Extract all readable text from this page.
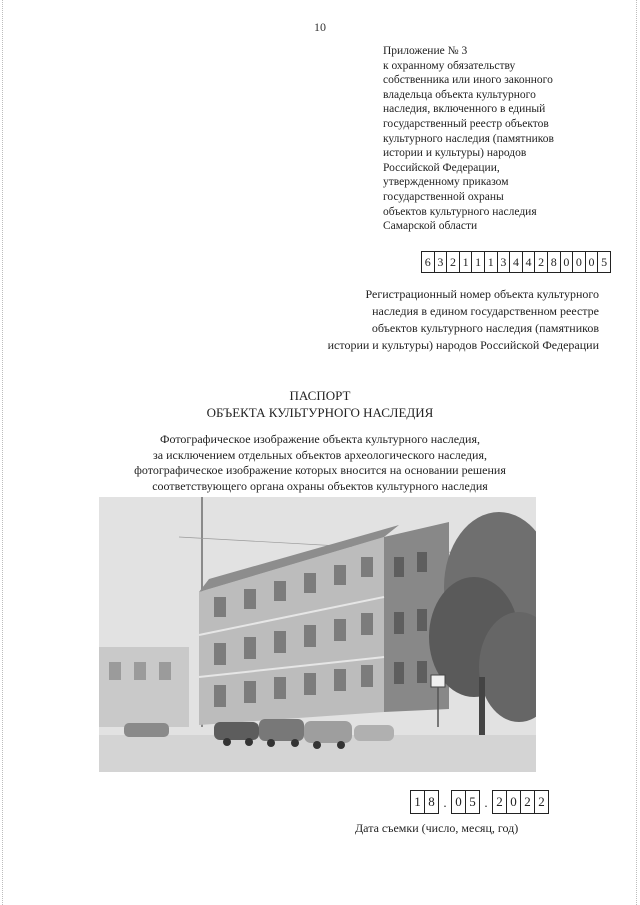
10
Приложение № 3
к охранному обязательству
собственника или иного законного
владельца объекта культурного
наследия, включенного в единый
государственный реестр объектов
культурного наследия (памятников
истории и культуры) народов
Российской Федерации,
утвержденному приказом
государственной охраны
объектов культурного наследия
Самарской области
6 3 2 1 1 1 3 4 4 2 8 0 0 0 5
Регистрационный номер объекта культурного
наследия в едином государственном реестре
объектов культурного наследия (памятников
истории и культуры) народов Российской Федерации
ПАСПОРТ
ОБЪЕКТА КУЛЬТУРНОГО НАСЛЕДИЯ
Фотографическое изображение объекта культурного наследия,
за исключением отдельных объектов археологического наследия,
фотографическое изображение которых вносится на основании решения
соответствующего органа охраны объектов культурного наследия
1 8 . 0 5 . 2 0 2 2
Дата съемки (число, месяц, год)
